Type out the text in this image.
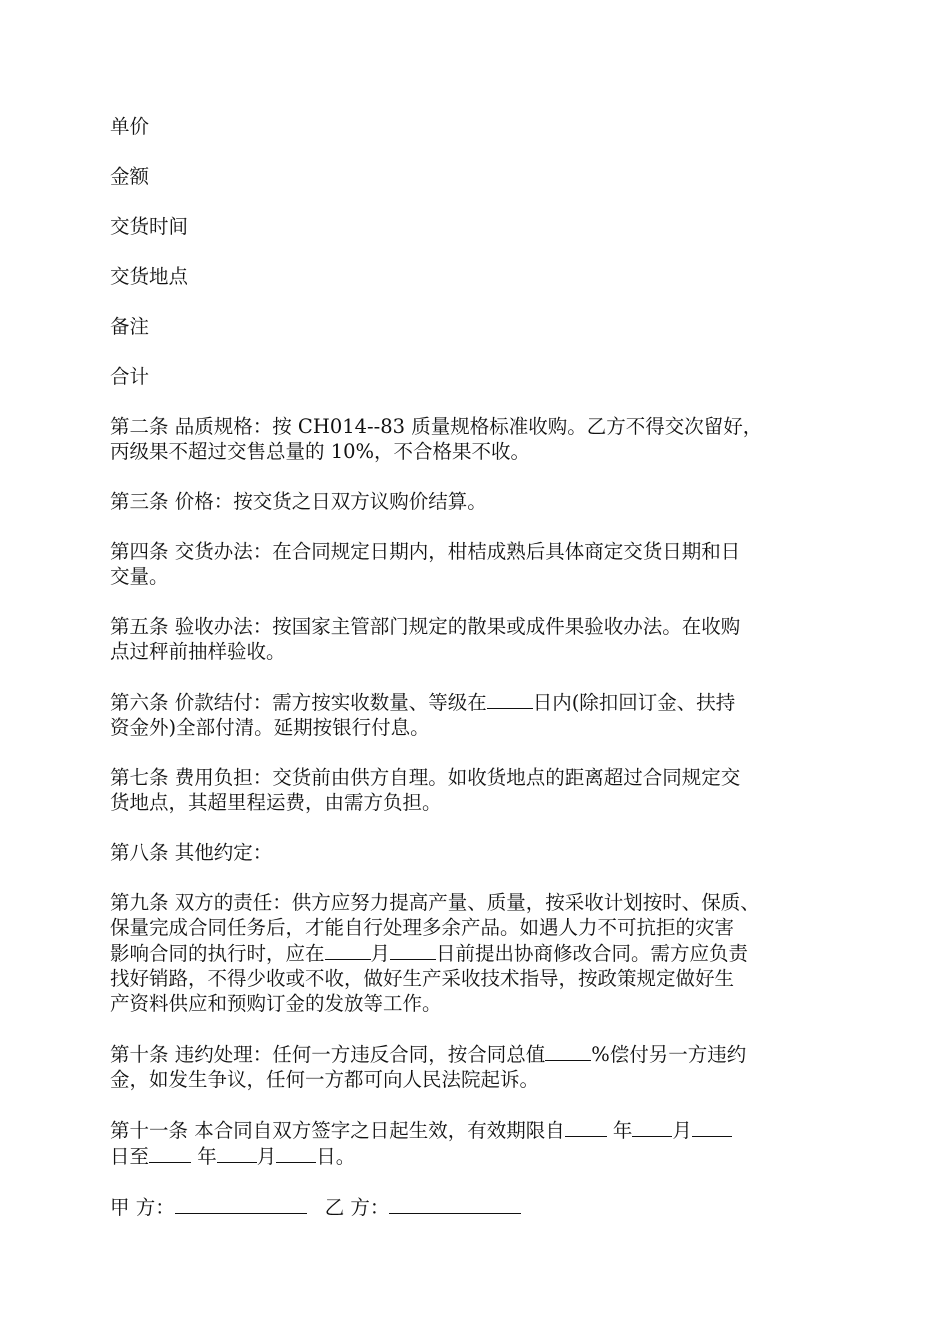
单价
金额
交货时间
交货地点
备注
合计
第二条 品质规格：按 CH014--83 质量规格标准收购。乙方不得交次留好，
丙级果不超过交售总量的 10%，不合格果不收。
第三条 价格：按交货之日双方议购价结算。
第四条 交货办法：在合同规定日期内，柑桔成熟后具体商定交货日期和日
交量。
第五条 验收办法：按国家主管部门规定的散果或成件果验收办法。在收购
点过秤前抽样验收。
第六条 价款结付：需方按实收数量、等级在 日内(除扣回订金、扶持
资金外)全部付清。延期按银行付息。
第七条 费用负担：交货前由供方自理。如收货地点的距离超过合同规定交
货地点，其超里程运费，由需方负担。
第八条 其他约定：
第九条 双方的责任：供方应努力提高产量、质量，按采收计划按时、保质、
保量完成合同任务后，才能自行处理多余产品。如遇人力不可抗拒的灾害
影响合同的执行时，应在 月 日前提出协商修改合同。需方应负责
找好销路，不得少收或不收，做好生产采收技术指导，按政策规定做好生
产资料供应和预购订金的发放等工作。
第十条 违约处理：任何一方违反合同，按合同总值 %偿付另一方违约
金，如发生争议，任何一方都可向人民法院起诉。
第十一条 本合同自双方签字之日起生效，有效期限自 年 月
日至 年 月 日。
甲 方：	乙 方：
